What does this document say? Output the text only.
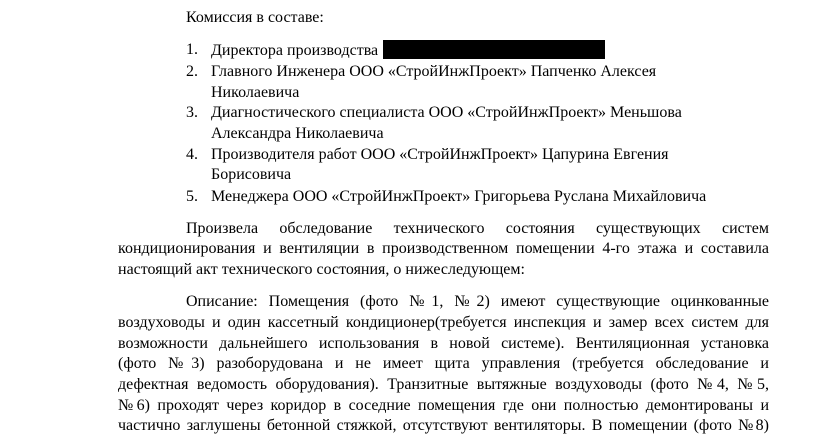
Комиссия в составе:
1. Директора производства
2. Главного Инженера ООО «СтройИнжПроект» Папченко Алексея
Николаевича
3. Диагностического специалиста ООО «СтройИнжПроект» Меньшова
Александра Николаевича
4. Производителя работ ООО «СтройИнжПроект» Цапурина Евгения
Борисовича
5. Менеджера ООО «СтройИнжПроект» Григорьева Руслана Михайловича
Произвела обследование технического состояния существующих систем
кондиционирования и вентиляции в производственном помещении 4-го этажа и составила
настоящий акт технического состояния, о нижеследующем:
Описание: Помещения (фото №1, №2) имеют существующие оцинкованные
воздуховоды и один кассетный кондиционер(требуется инспекция и замер всех систем для
возможности дальнейшего использования в новой системе). Вентиляционная установка
(фото №3) разоборудована и не имеет щита управления (требуется обследование и
дефектная ведомость оборудования). Транзитные вытяжные воздуховоды (фото №4, №5,
№6) проходят через коридор в соседние помещения где они полностью демонтированы и
частично заглушены бетонной стяжкой, отсутствуют вентиляторы. В помещении (фото №8)
